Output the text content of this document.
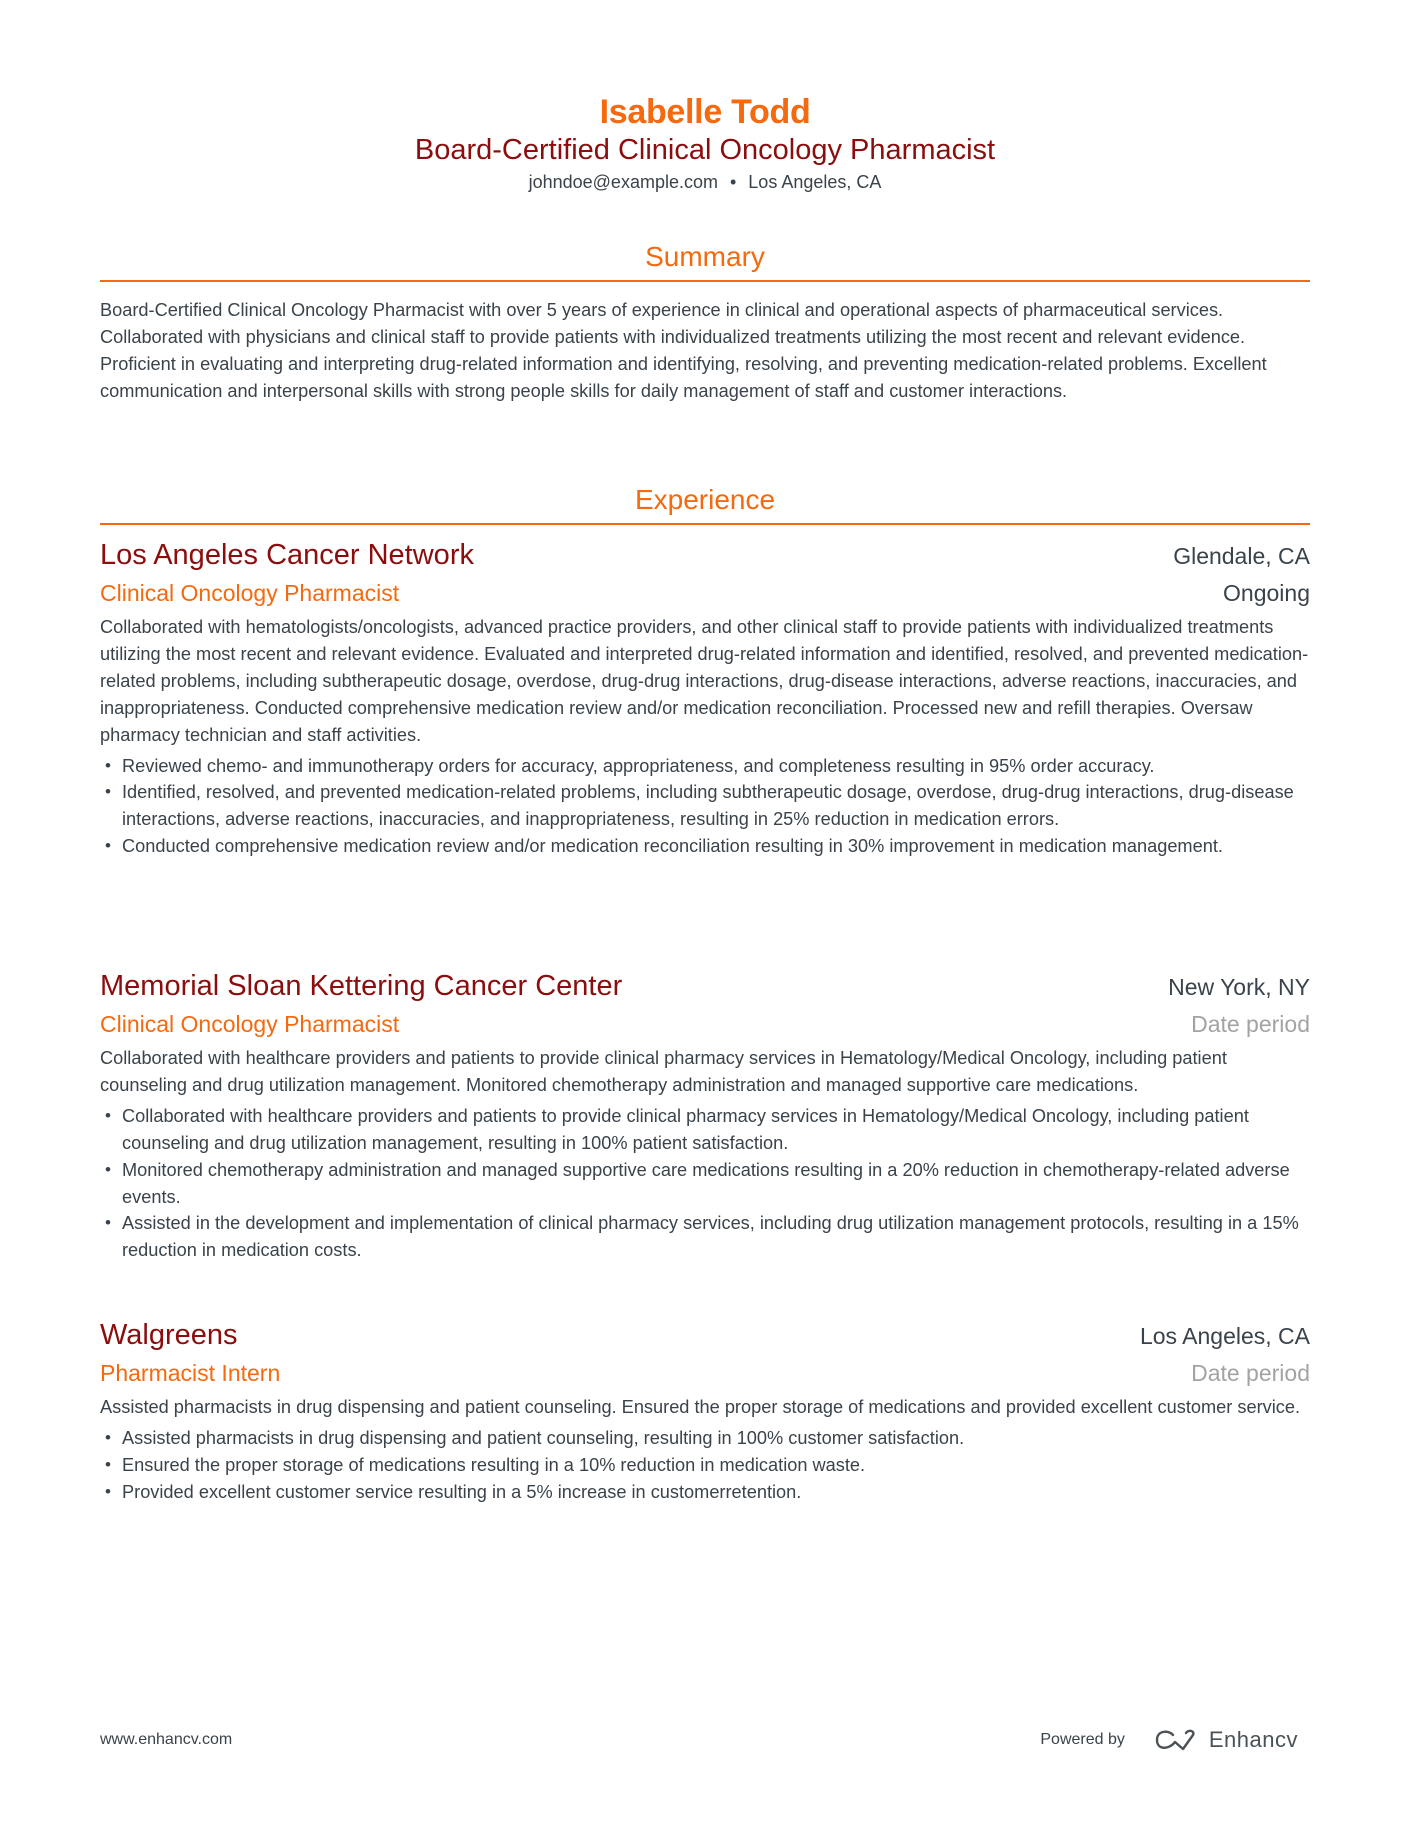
Isabelle Todd
Board-Certified Clinical Oncology Pharmacist
johndoe@example.com • Los Angeles, CA
Summary

Board-Certified Clinical Oncology Pharmacist with over 5 years of experience in clinical and operational aspects of pharmaceutical services. Collaborated with physicians and clinical staff to provide patients with individualized treatments utilizing the most recent and relevant evidence. Proficient in evaluating and interpreting drug-related information and identifying, resolving, and preventing medication-related problems. Excellent communication and interpersonal skills with strong people skills for daily management of staff and customer interactions.

Experience
Los Angeles Cancer Network	Glendale, CA
Clinical Oncology Pharmacist	Ongoing

Collaborated with hematologists/oncologists, advanced practice providers, and other clinical staff to provide patients with individualized treatments utilizing the most recent and relevant evidence. Evaluated and interpreted drug-related information and identified, resolved, and prevented medication-related problems, including subtherapeutic dosage, overdose, drug-drug interactions, drug-disease interactions, adverse reactions, inaccuracies, and inappropriateness. Conducted comprehensive medication review and/or medication reconciliation. Processed new and refill therapies. Oversaw pharmacy technician and staff activities.

• Reviewed chemo- and immunotherapy orders for accuracy, appropriateness, and completeness resulting in 95% order accuracy.
• Identified, resolved, and prevented medication-related problems, including subtherapeutic dosage, overdose, drug-drug interactions, drug-disease interactions, adverse reactions, inaccuracies, and inappropriateness, resulting in 25% reduction in medication errors.
• Conducted comprehensive medication review and/or medication reconciliation resulting in 30% improvement in medication management.
Memorial Sloan Kettering Cancer Center	New York, NY
Clinical Oncology Pharmacist	Date period

Collaborated with healthcare providers and patients to provide clinical pharmacy services in Hematology/Medical Oncology, including patient counseling and drug utilization management. Monitored chemotherapy administration and managed supportive care medications.

• Collaborated with healthcare providers and patients to provide clinical pharmacy services in Hematology/Medical Oncology, including patient counseling and drug utilization management, resulting in 100% patient satisfaction.
• Monitored chemotherapy administration and managed supportive care medications resulting in a 20% reduction in chemotherapy-related adverse events.
• Assisted in the development and implementation of clinical pharmacy services, including drug utilization management protocols, resulting in a 15% reduction in medication costs.
Walgreens	Los Angeles, CA
Pharmacist Intern	Date period

Assisted pharmacists in drug dispensing and patient counseling. Ensured the proper storage of medications and provided excellent customer service.

• Assisted pharmacists in drug dispensing and patient counseling, resulting in 100% customer satisfaction.
• Ensured the proper storage of medications resulting in a 10% reduction in medication waste.
• Provided excellent customer service resulting in a 5% increase in customerretention.
www.enhancv.com	Powered by	Enhancv
